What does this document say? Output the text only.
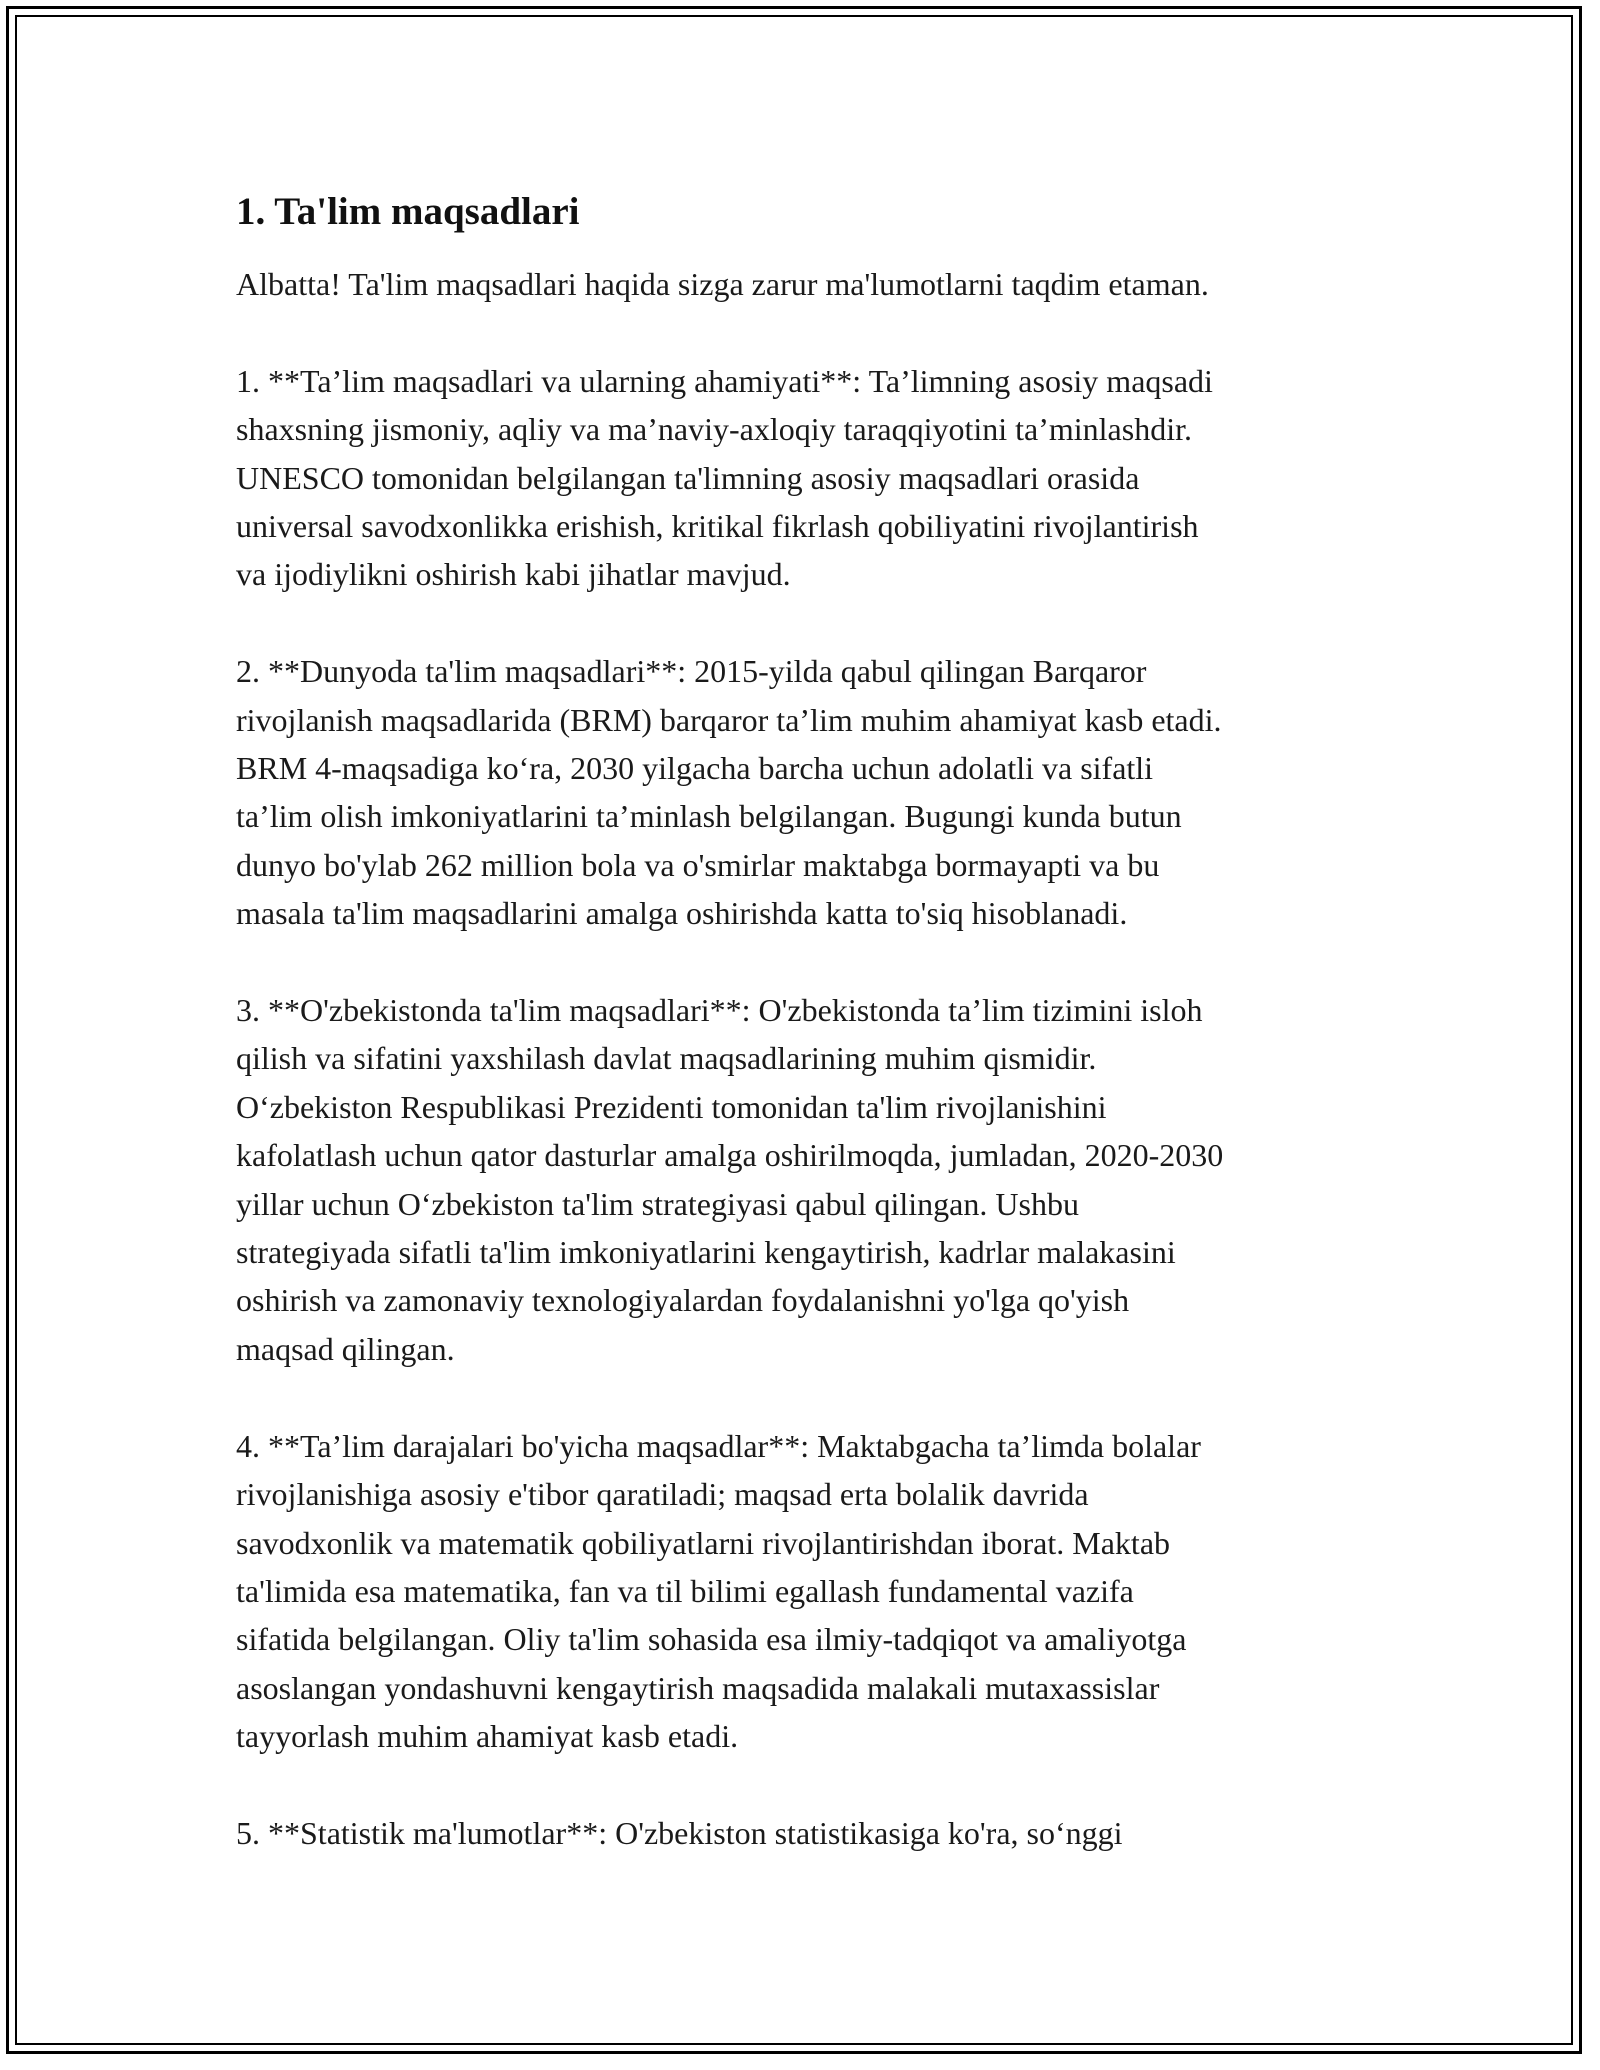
1. Ta'lim maqsadlari

Albatta! Ta'lim maqsadlari haqida sizga zarur ma'lumotlarni taqdim etaman.

1. **Ta’lim maqsadlari va ularning ahamiyati**: Ta’limning asosiy maqsadi
shaxsning jismoniy, aqliy va ma’naviy-axloqiy taraqqiyotini ta’minlashdir.
UNESCO tomonidan belgilangan ta'limning asosiy maqsadlari orasida
universal savodxonlikka erishish, kritikal fikrlash qobiliyatini rivojlantirish
va ijodiylikni oshirish kabi jihatlar mavjud.

2. **Dunyoda ta'lim maqsadlari**: 2015-yilda qabul qilingan Barqaror
rivojlanish maqsadlarida (BRM) barqaror ta’lim muhim ahamiyat kasb etadi.
BRM 4-maqsadiga ko‘ra, 2030 yilgacha barcha uchun adolatli va sifatli
ta’lim olish imkoniyatlarini ta’minlash belgilangan. Bugungi kunda butun
dunyo bo'ylab 262 million bola va o'smirlar maktabga bormayapti va bu
masala ta'lim maqsadlarini amalga oshirishda katta to'siq hisoblanadi.

3. **O'zbekistonda ta'lim maqsadlari**: O'zbekistonda ta’lim tizimini isloh
qilish va sifatini yaxshilash davlat maqsadlarining muhim qismidir.
O‘zbekiston Respublikasi Prezidenti tomonidan ta'lim rivojlanishini
kafolatlash uchun qator dasturlar amalga oshirilmoqda, jumladan, 2020-2030
yillar uchun O‘zbekiston ta'lim strategiyasi qabul qilingan. Ushbu
strategiyada sifatli ta'lim imkoniyatlarini kengaytirish, kadrlar malakasini
oshirish va zamonaviy texnologiyalardan foydalanishni yo'lga qo'yish
maqsad qilingan.

4. **Ta’lim darajalari bo'yicha maqsadlar**: Maktabgacha ta’limda bolalar
rivojlanishiga asosiy e'tibor qaratiladi; maqsad erta bolalik davrida
savodxonlik va matematik qobiliyatlarni rivojlantirishdan iborat. Maktab
ta'limida esa matematika, fan va til bilimi egallash fundamental vazifa
sifatida belgilangan. Oliy ta'lim sohasida esa ilmiy-tadqiqot va amaliyotga
asoslangan yondashuvni kengaytirish maqsadida malakali mutaxassislar
tayyorlash muhim ahamiyat kasb etadi.

5. **Statistik ma'lumotlar**: O'zbekiston statistikasiga ko'ra, so‘nggi
